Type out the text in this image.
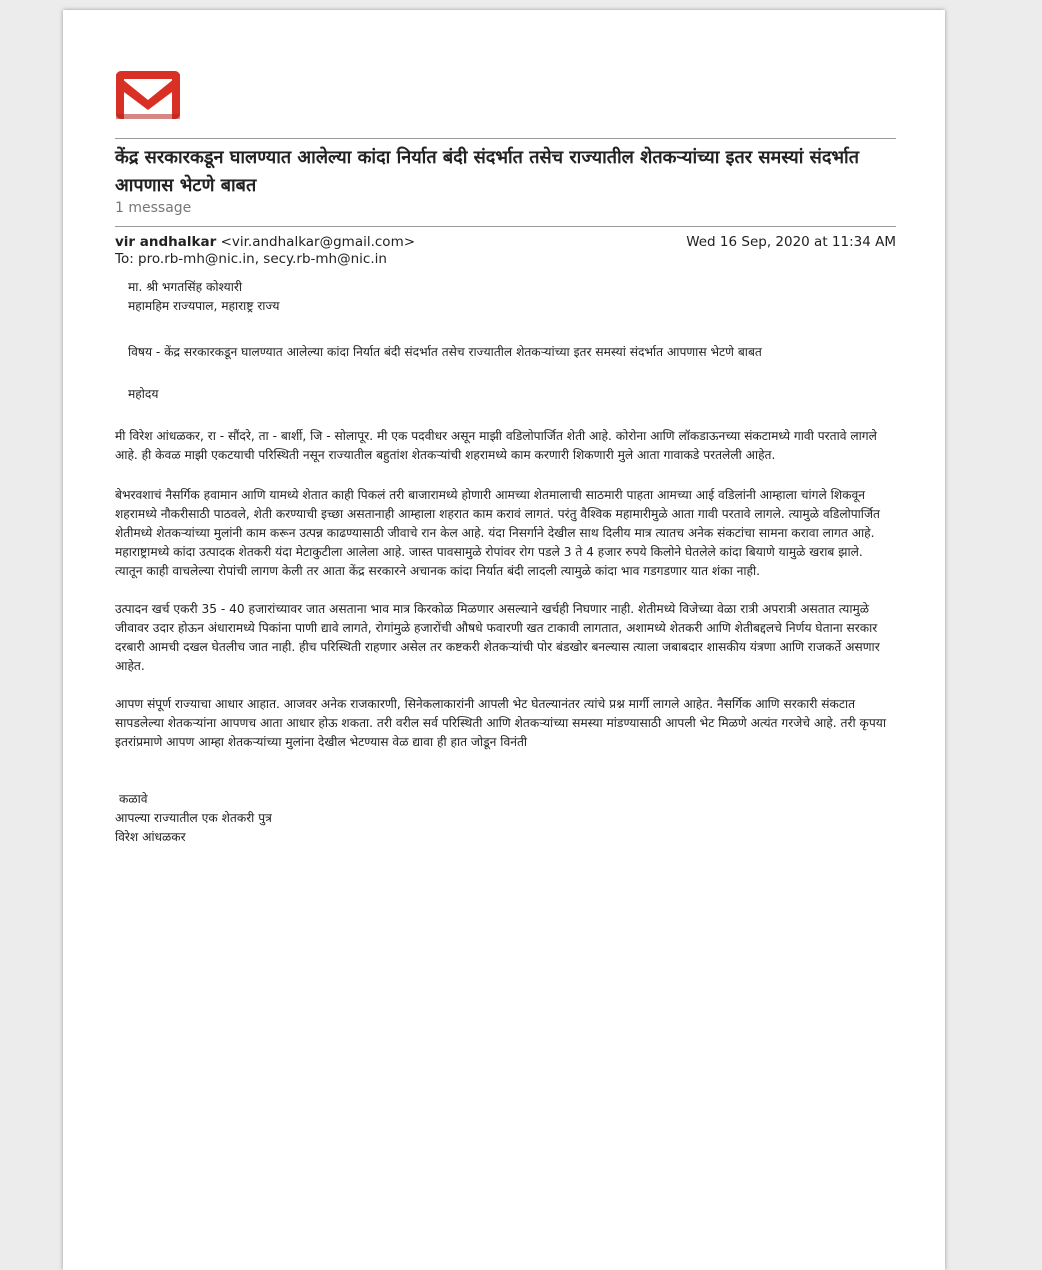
केंद्र सरकारकडून घालण्यात आलेल्या कांदा निर्यात बंदी संदर्भात तसेच राज्यातील शेतकऱ्यांच्या इतर समस्यां संदर्भात आपणास भेटणे बाबत
1 message
vir andhalkar <vir.andhalkar@gmail.com>	Wed 16 Sep, 2020 at 11:34 AM
To: pro.rb-mh@nic.in, secy.rb-mh@nic.in

मा. श्री भगतसिंह कोश्यारी

महामहिम राज्यपाल, महाराष्ट्र राज्य

विषय - केंद्र सरकारकडून घालण्यात आलेल्या कांदा निर्यात बंदी संदर्भात तसेच राज्यातील शेतकऱ्यांच्या इतर समस्यां संदर्भात आपणास भेटणे बाबत

महोदय

मी विरेश आंधळकर, रा - सौंदरे, ता - बार्शी, जि - सोलापूर. मी एक पदवीधर असून माझी वडिलोपार्जित शेती आहे. कोरोना आणि लॉकडाऊनच्या संकटामध्ये गावी परतावे लागले आहे. ही केवळ माझी एकटयाची परिस्थिती नसून राज्यातील बहुतांश शेतकऱ्यांची शहरामध्ये काम करणारी शिकणारी मुले आता गावाकडे परतलेली आहेत.

बेभरवशाचं नैसर्गिक हवामान आणि यामध्ये शेतात काही पिकलं तरी बाजारामध्ये होणारी आमच्या शेतमालाची साठमारी पाहता आमच्या आई वडिलांनी आम्हाला चांगले शिकवून शहरामध्ये नौकरीसाठी पाठवले, शेती करण्याची इच्छा असतानाही आम्हाला शहरात काम करावं लागतं. परंतु वैश्विक महामारीमुळे आता गावी परतावे लागले. त्यामुळे वडिलोपार्जित शेतीमध्ये शेतकऱ्यांच्या मुलांनी काम करून उत्पन्न काढण्यासाठी जीवाचे रान केल आहे. यंदा निसर्गाने देखील साथ दिलीय मात्र त्यातच अनेक संकटांचा सामना करावा लागत आहे. महाराष्ट्रामध्ये कांदा उत्पादक शेतकरी यंदा मेटाकुटीला आलेला आहे. जास्त पावसामुळे रोपांवर रोग पडले 3 ते 4 हजार रुपये किलोने घेतलेले कांदा बियाणे यामुळे खराब झाले. त्यातून काही वाचलेल्या रोपांची लागण केली तर आता केंद्र सरकारने अचानक कांदा निर्यात बंदी लादली त्यामुळे कांदा भाव गडगडणार यात शंका नाही.

उत्पादन खर्च एकरी 35 - 40 हजारांच्यावर जात असताना भाव मात्र किरकोळ मिळणार असल्याने खर्चही निघणार नाही. शेतीमध्ये विजेच्या वेळा रात्री अपरात्री असतात त्यामुळे जीवावर उदार होऊन अंधारामध्ये पिकांना पाणी द्यावे लागते, रोगांमुळे हजारोंची औषधे फवारणी खत टाकावी लागतात, अशामध्ये शेतकरी आणि शेतीबद्दलचे निर्णय घेताना सरकार दरबारी आमची दखल घेतलीच जात नाही. हीच परिस्थिती राहणार असेल तर कष्टकरी शेतकऱ्यांची पोर बंडखोर बनल्यास त्याला जबाबदार शासकीय यंत्रणा आणि राजकर्ते असणार आहेत.

आपण संपूर्ण राज्याचा आधार आहात. आजवर अनेक राजकारणी, सिनेकलाकारांनी आपली भेट घेतल्यानंतर त्यांचे प्रश्न मार्गी लागले आहेत. नैसर्गिक आणि सरकारी संकटात सापडलेल्या शेतकऱ्यांना आपणच आता आधार होऊ शकता. तरी वरील सर्व परिस्थिती आणि शेतकऱ्यांच्या समस्या मांडण्यासाठी आपली भेट मिळणे अत्यंत गरजेचे आहे. तरी कृपया इतरांप्रमाणे आपण आम्हा शेतकऱ्यांच्या मुलांना देखील भेटण्यास वेळ द्यावा ही हात जोडून विनंती

कळावे

आपल्या राज्यातील एक शेतकरी पुत्र

विरेश आंधळकर
